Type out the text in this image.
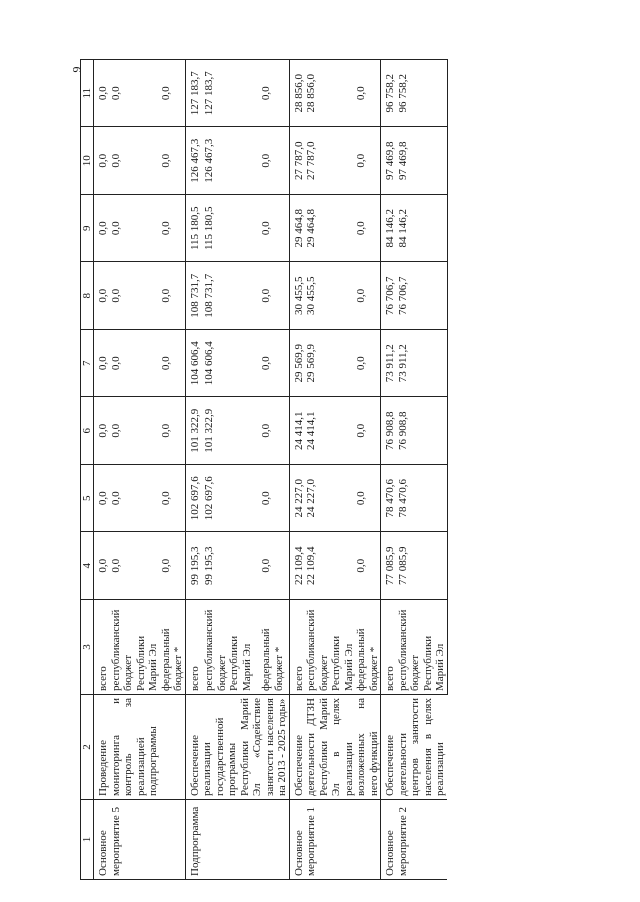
9
1	2	3	4	5	6	7	8	9	10	11
Основное мероприятие 5	Проведение мониторинга и контроль за реализацией подпрограммы	всего	0,0	0,0	0,0	0,0	0,0	0,0	0,0	0,0
		республиканский бюджет Республики Марий Эл	0,0	0,0	0,0	0,0	0,0	0,0	0,0	0,0
		федеральный бюджет *	0,0	0,0	0,0	0,0	0,0	0,0	0,0	0,0
Подпрограмма	Обеспечение реализации государственной программы Республики Марий Эл «Содействие занятости населения на 2013 - 2025 годы»	всего	99 195,3	102 697,6	101 322,9	104 606,4	108 731,7	115 180,5	126 467,3	127 183,7
		республиканский бюджет Республики Марий Эл	99 195,3	102 697,6	101 322,9	104 606,4	108 731,7	115 180,5	126 467,3	127 183,7
		федеральный бюджет *	0,0	0,0	0,0	0,0	0,0	0,0	0,0	0,0
Основное мероприятие 1	Обеспечение деятельности ДТЗН Республики Марий Эл в целях реализации возложенных на него функций	всего	22 109,4	24 227,0	24 414,1	29 569,9	30 455,5	29 464,8	27 787,0	28 856,0
		республиканский бюджет Республики Марий Эл	22 109,4	24 227,0	24 414,1	29 569,9	30 455,5	29 464,8	27 787,0	28 856,0
		федеральный бюджет *	0,0	0,0	0,0	0,0	0,0	0,0	0,0	0,0
Основное мероприятие 2	Обеспечение деятельности центров занятости населения в целях реализации	всего	77 085,9	78 470,6	76 908,8	73 911,2	76 706,7	84 146,2	97 469,8	96 758,2
		республиканский бюджет Республики Марий Эл	77 085,9	78 470,6	76 908,8	73 911,2	76 706,7	84 146,2	97 469,8	96 758,2
